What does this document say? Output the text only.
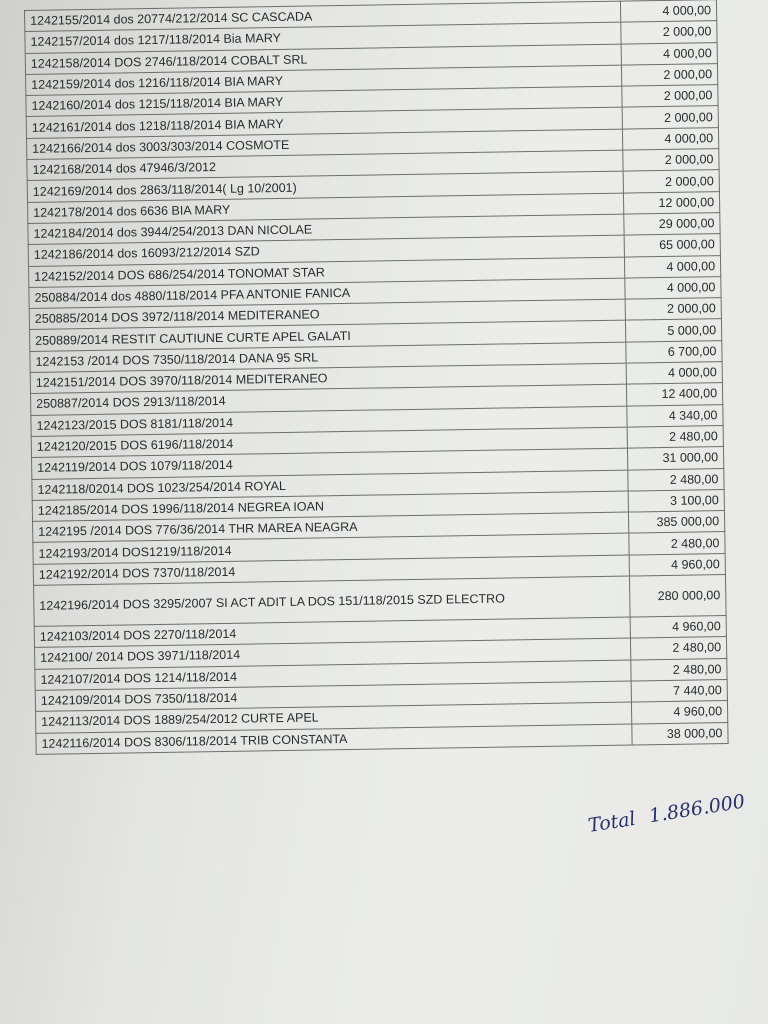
1242155/2014 dos 20774/212/2014 SC CASCADA	4 000,00
1242157/2014 dos 1217/118/2014 Bia MARY	2 000,00
1242158/2014 DOS 2746/118/2014 COBALT SRL	4 000,00
1242159/2014 dos 1216/118/2014 BIA MARY	2 000,00
1242160/2014 dos 1215/118/2014 BIA MARY	2 000,00
1242161/2014 dos 1218/118/2014 BIA MARY	2 000,00
1242166/2014 dos 3003/303/2014 COSMOTE	4 000,00
1242168/2014 dos 47946/3/2012	2 000,00
1242169/2014 dos 2863/118/2014( Lg 10/2001)	2 000,00
1242178/2014 dos 6636 BIA MARY	12 000,00
1242184/2014 dos 3944/254/2013 DAN NICOLAE	29 000,00
1242186/2014 dos 16093/212/2014 SZD	65 000,00
1242152/2014 DOS 686/254/2014 TONOMAT STAR	4 000,00
250884/2014 dos 4880/118/2014 PFA ANTONIE FANICA	4 000,00
250885/2014 DOS 3972/118/2014 MEDITERANEO	2 000,00
250889/2014 RESTIT CAUTIUNE CURTE APEL GALATI	5 000,00
1242153 /2014 DOS 7350/118/2014 DANA 95 SRL	6 700,00
1242151/2014 DOS 3970/118/2014 MEDITERANEO	4 000,00
250887/2014 DOS 2913/118/2014	12 400,00
1242123/2015 DOS 8181/118/2014	4 340,00
1242120/2015 DOS 6196/118/2014	2 480,00
1242119/2014 DOS 1079/118/2014	31 000,00
1242118/02014 DOS 1023/254/2014 ROYAL	2 480,00
1242185/2014 DOS 1996/118/2014 NEGREA IOAN	3 100,00
1242195 /2014 DOS 776/36/2014 THR MAREA NEAGRA	385 000,00
1242193/2014 DOS1219/118/2014	2 480,00
1242192/2014 DOS 7370/118/2014	4 960,00
1242196/2014 DOS 3295/2007 SI ACT ADIT LA DOS 151/118/2015 SZD ELECTRO	280 000,00
1242103/2014 DOS 2270/118/2014	4 960,00
1242100/ 2014 DOS 3971/118/2014	2 480,00
1242107/2014 DOS 1214/118/2014	2 480,00
1242109/2014 DOS 7350/118/2014	7 440,00
1242113/2014 DOS 1889/254/2012 CURTE APEL	4 960,00
1242116/2014 DOS 8306/118/2014 TRIB CONSTANTA	38 000,00
Total 1.886.000
